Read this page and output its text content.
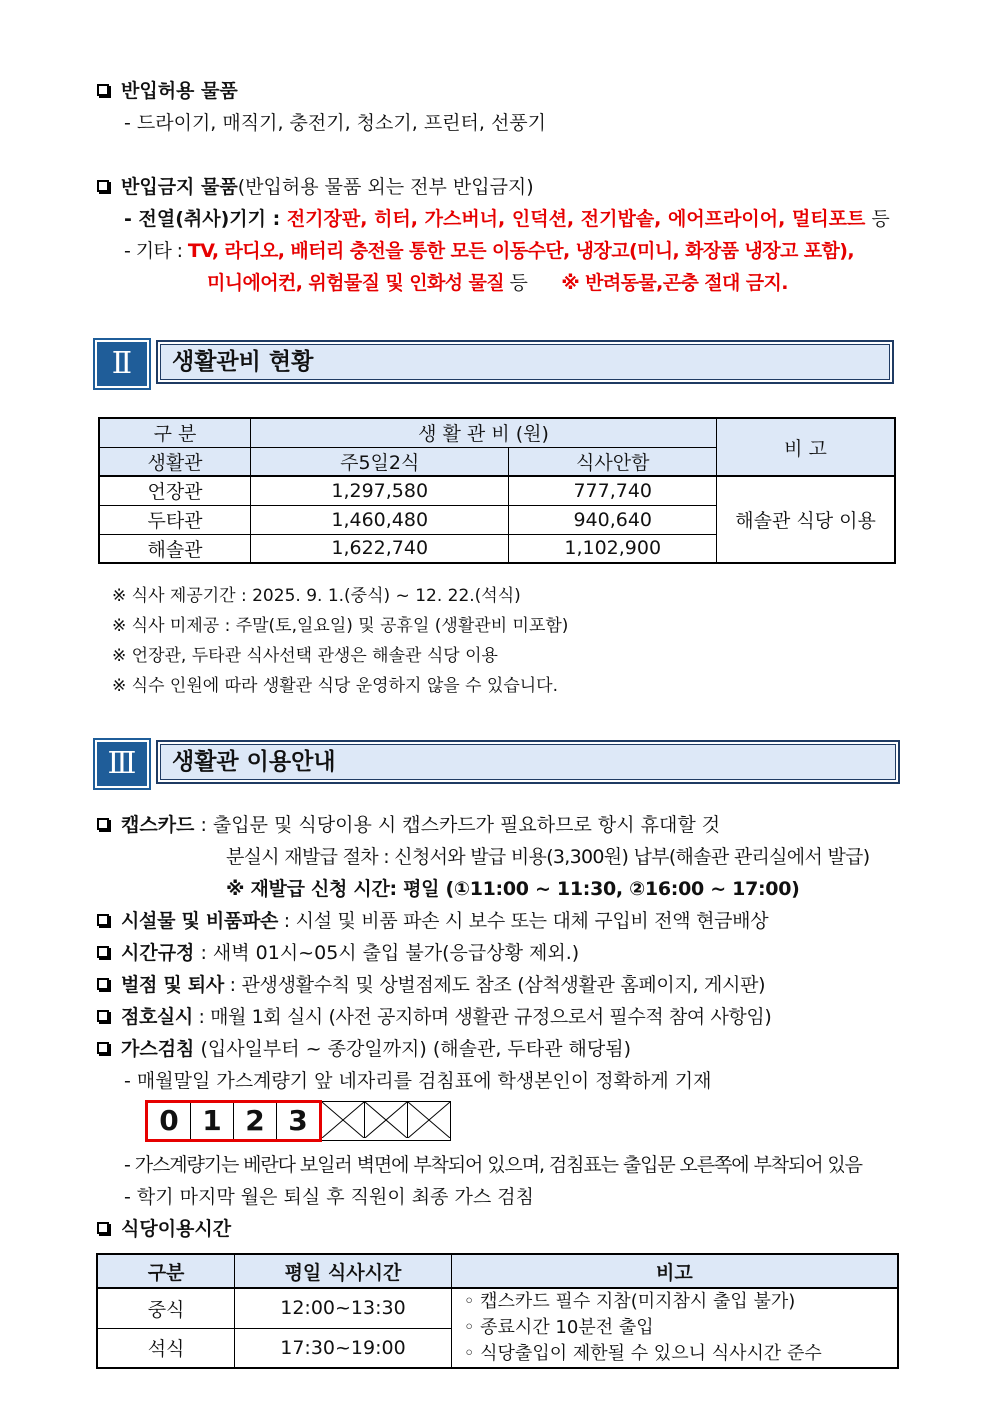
반입허용 물품
- 드라이기, 매직기, 충전기, 청소기, 프린터, 선풍기
반입금지 물품(반입허용 물품 외는 전부 반입금지)
- 전열(취사)기기 : 전기장판, 히터, 가스버너, 인덕션, 전기밥솥, 에어프라이어, 멀티포트 등
- 기타 : TV, 라디오, 배터리 충전을 통한 모든 이동수단, 냉장고(미니, 화장품 냉장고 포함),
미니에어컨, 위험물질 및 인화성 물질 등 ※ 반려동물,곤충 절대 금지.
Ⅱ	생활관비 현황
구 분	생 활 관 비 (원)		비 고
생활관	주5일2식	식사안함	
언장관	1,297,580	777,740	해솔관 식당 이용
두타관	1,460,480	940,640	
해솔관	1,622,740	1,102,900	
※ 식사 제공기간 : 2025. 9. 1.(중식) ~ 12. 22.(석식)
※ 식사 미제공 : 주말(토,일요일) 및 공휴일 (생활관비 미포함)
※ 언장관, 두타관 식사선택 관생은 해솔관 식당 이용
※ 식수 인원에 따라 생활관 식당 운영하지 않을 수 있습니다.
Ⅲ	생활관 이용안내
캡스카드 : 출입문 및 식당이용 시 캡스카드가 필요하므로 항시 휴대할 것
분실시 재발급 절차 : 신청서와 발급 비용(3,300원) 납부(해솔관 관리실에서 발급)
※ 재발급 신청 시간: 평일 (①11:00 ~ 11:30, ②16:00 ~ 17:00)
시설물 및 비품파손 : 시설 및 비품 파손 시 보수 또는 대체 구입비 전액 현금배상
시간규정 : 새벽 01시~05시 출입 불가(응급상황 제외.)
벌점 및 퇴사 : 관생생활수칙 및 상벌점제도 참조 (삼척생활관 홈페이지, 게시판)
점호실시 : 매월 1회 실시 (사전 공지하며 생활관 규정으로서 필수적 참여 사항임)
가스검침 (입사일부터 ~ 종강일까지) (해솔관, 두타관 해당됨)
- 매월말일 가스계량기 앞 네자리를 검침표에 학생본인이 정확하게 기재
0 1 2 3
- 가스계량기는 베란다 보일러 벽면에 부착되어 있으며, 검침표는 출입문 오른쪽에 부착되어 있음
- 학기 마지막 월은 퇴실 후 직원이 최종 가스 검침
식당이용시간
구분	평일 식사시간	비고
중식	12:00~13:30	◦ 캡스카드 필수 지참(미지참시 출입 불가)
◦ 종료시간 10분전 출입
◦ 식당출입이 제한될 수 있으니 식사시간 준수

석식	17:30~19:00	
